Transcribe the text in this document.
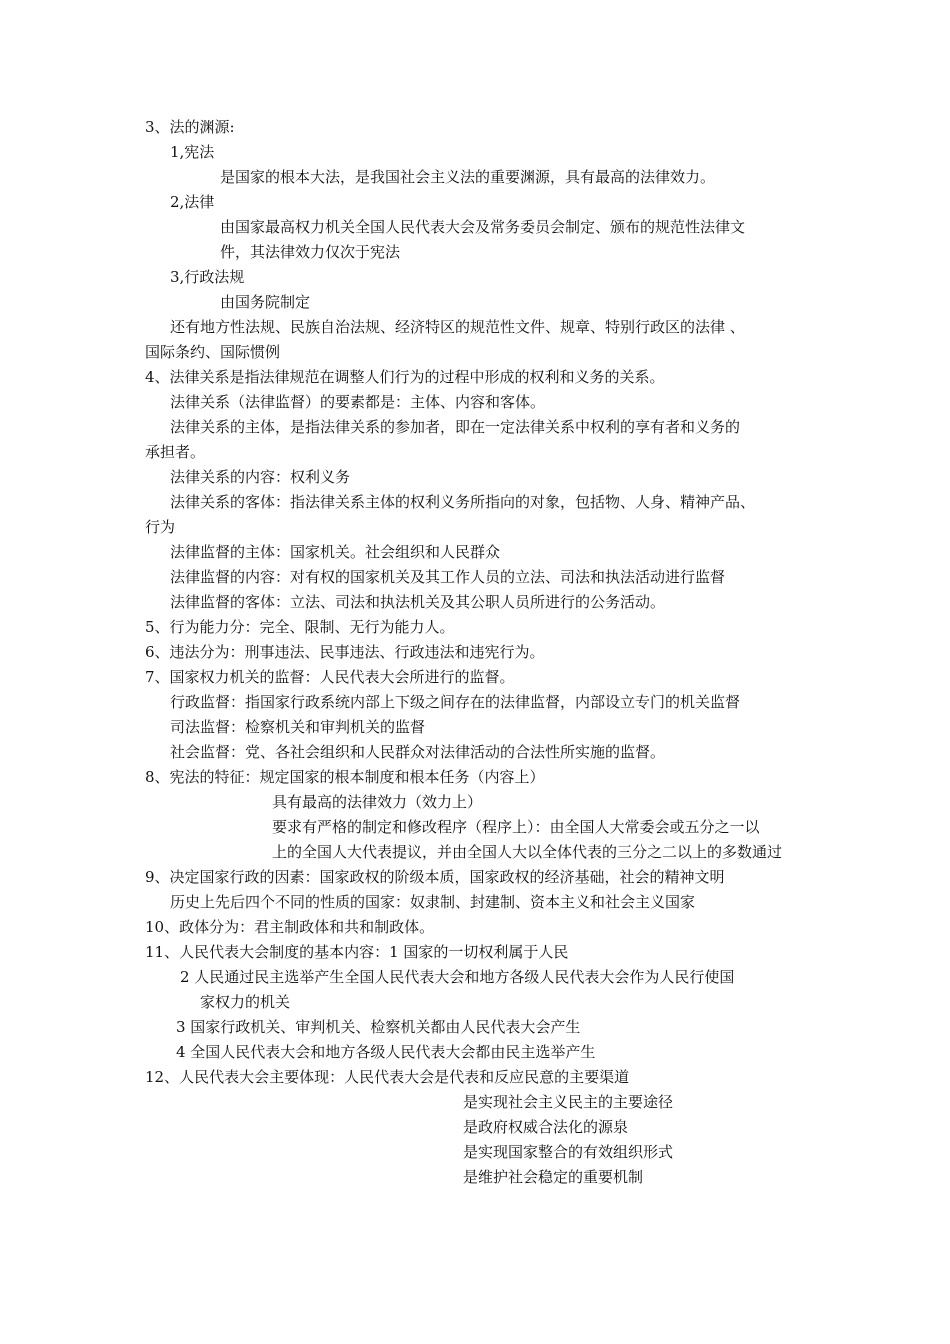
3、法的渊源:
1,宪法
是国家的根本大法，是我国社会主义法的重要渊源，具有最高的法律效力。
2,法律
由国家最高权力机关全国人民代表大会及常务委员会制定、颁布的规范性法律文
件，其法律效力仅次于宪法
3,行政法规
由国务院制定
还有地方性法规、民族自治法规、经济特区的规范性文件、规章、特别行政区的法律 、
国际条约、国际惯例
4、法律关系是指法律规范在调整人们行为的过程中形成的权利和义务的关系。
法律关系（法律监督）的要素都是：主体、内容和客体。
法律关系的主体，是指法律关系的参加者，即在一定法律关系中权利的享有者和义务的
承担者。
法律关系的内容：权利义务
法律关系的客体：指法律关系主体的权利义务所指向的对象，包括物、人身、精神产品、
行为
法律监督的主体：国家机关。社会组织和人民群众
法律监督的内容：对有权的国家机关及其工作人员的立法、司法和执法活动进行监督
法律监督的客体：立法、司法和执法机关及其公职人员所进行的公务活动。
5、行为能力分：完全、限制、无行为能力人。
6、违法分为：刑事违法、民事违法、行政违法和违宪行为。
7、国家权力机关的监督：人民代表大会所进行的监督。
行政监督：指国家行政系统内部上下级之间存在的法律监督，内部设立专门的机关监督
司法监督：检察机关和审判机关的监督
社会监督：党、各社会组织和人民群众对法律活动的合法性所实施的监督。
8、宪法的特征：规定国家的根本制度和根本任务（内容上）
具有最高的法律效力（效力上）
要求有严格的制定和修改程序（程序上）：由全国人大常委会或五分之一以
上的全国人大代表提议，并由全国人大以全体代表的三分之二以上的多数通过
9、决定国家行政的因素：国家政权的阶级本质，国家政权的经济基础，社会的精神文明
历史上先后四个不同的性质的国家：奴隶制、封建制、资本主义和社会主义国家
10、政体分为：君主制政体和共和制政体。
11、人民代表大会制度的基本内容：1 国家的一切权利属于人民
2 人民通过民主选举产生全国人民代表大会和地方各级人民代表大会作为人民行使国
家权力的机关
3 国家行政机关、审判机关、检察机关都由人民代表大会产生
4 全国人民代表大会和地方各级人民代表大会都由民主选举产生
12、人民代表大会主要体现：人民代表大会是代表和反应民意的主要渠道
是实现社会主义民主的主要途径
是政府权威合法化的源泉
是实现国家整合的有效组织形式
是维护社会稳定的重要机制
